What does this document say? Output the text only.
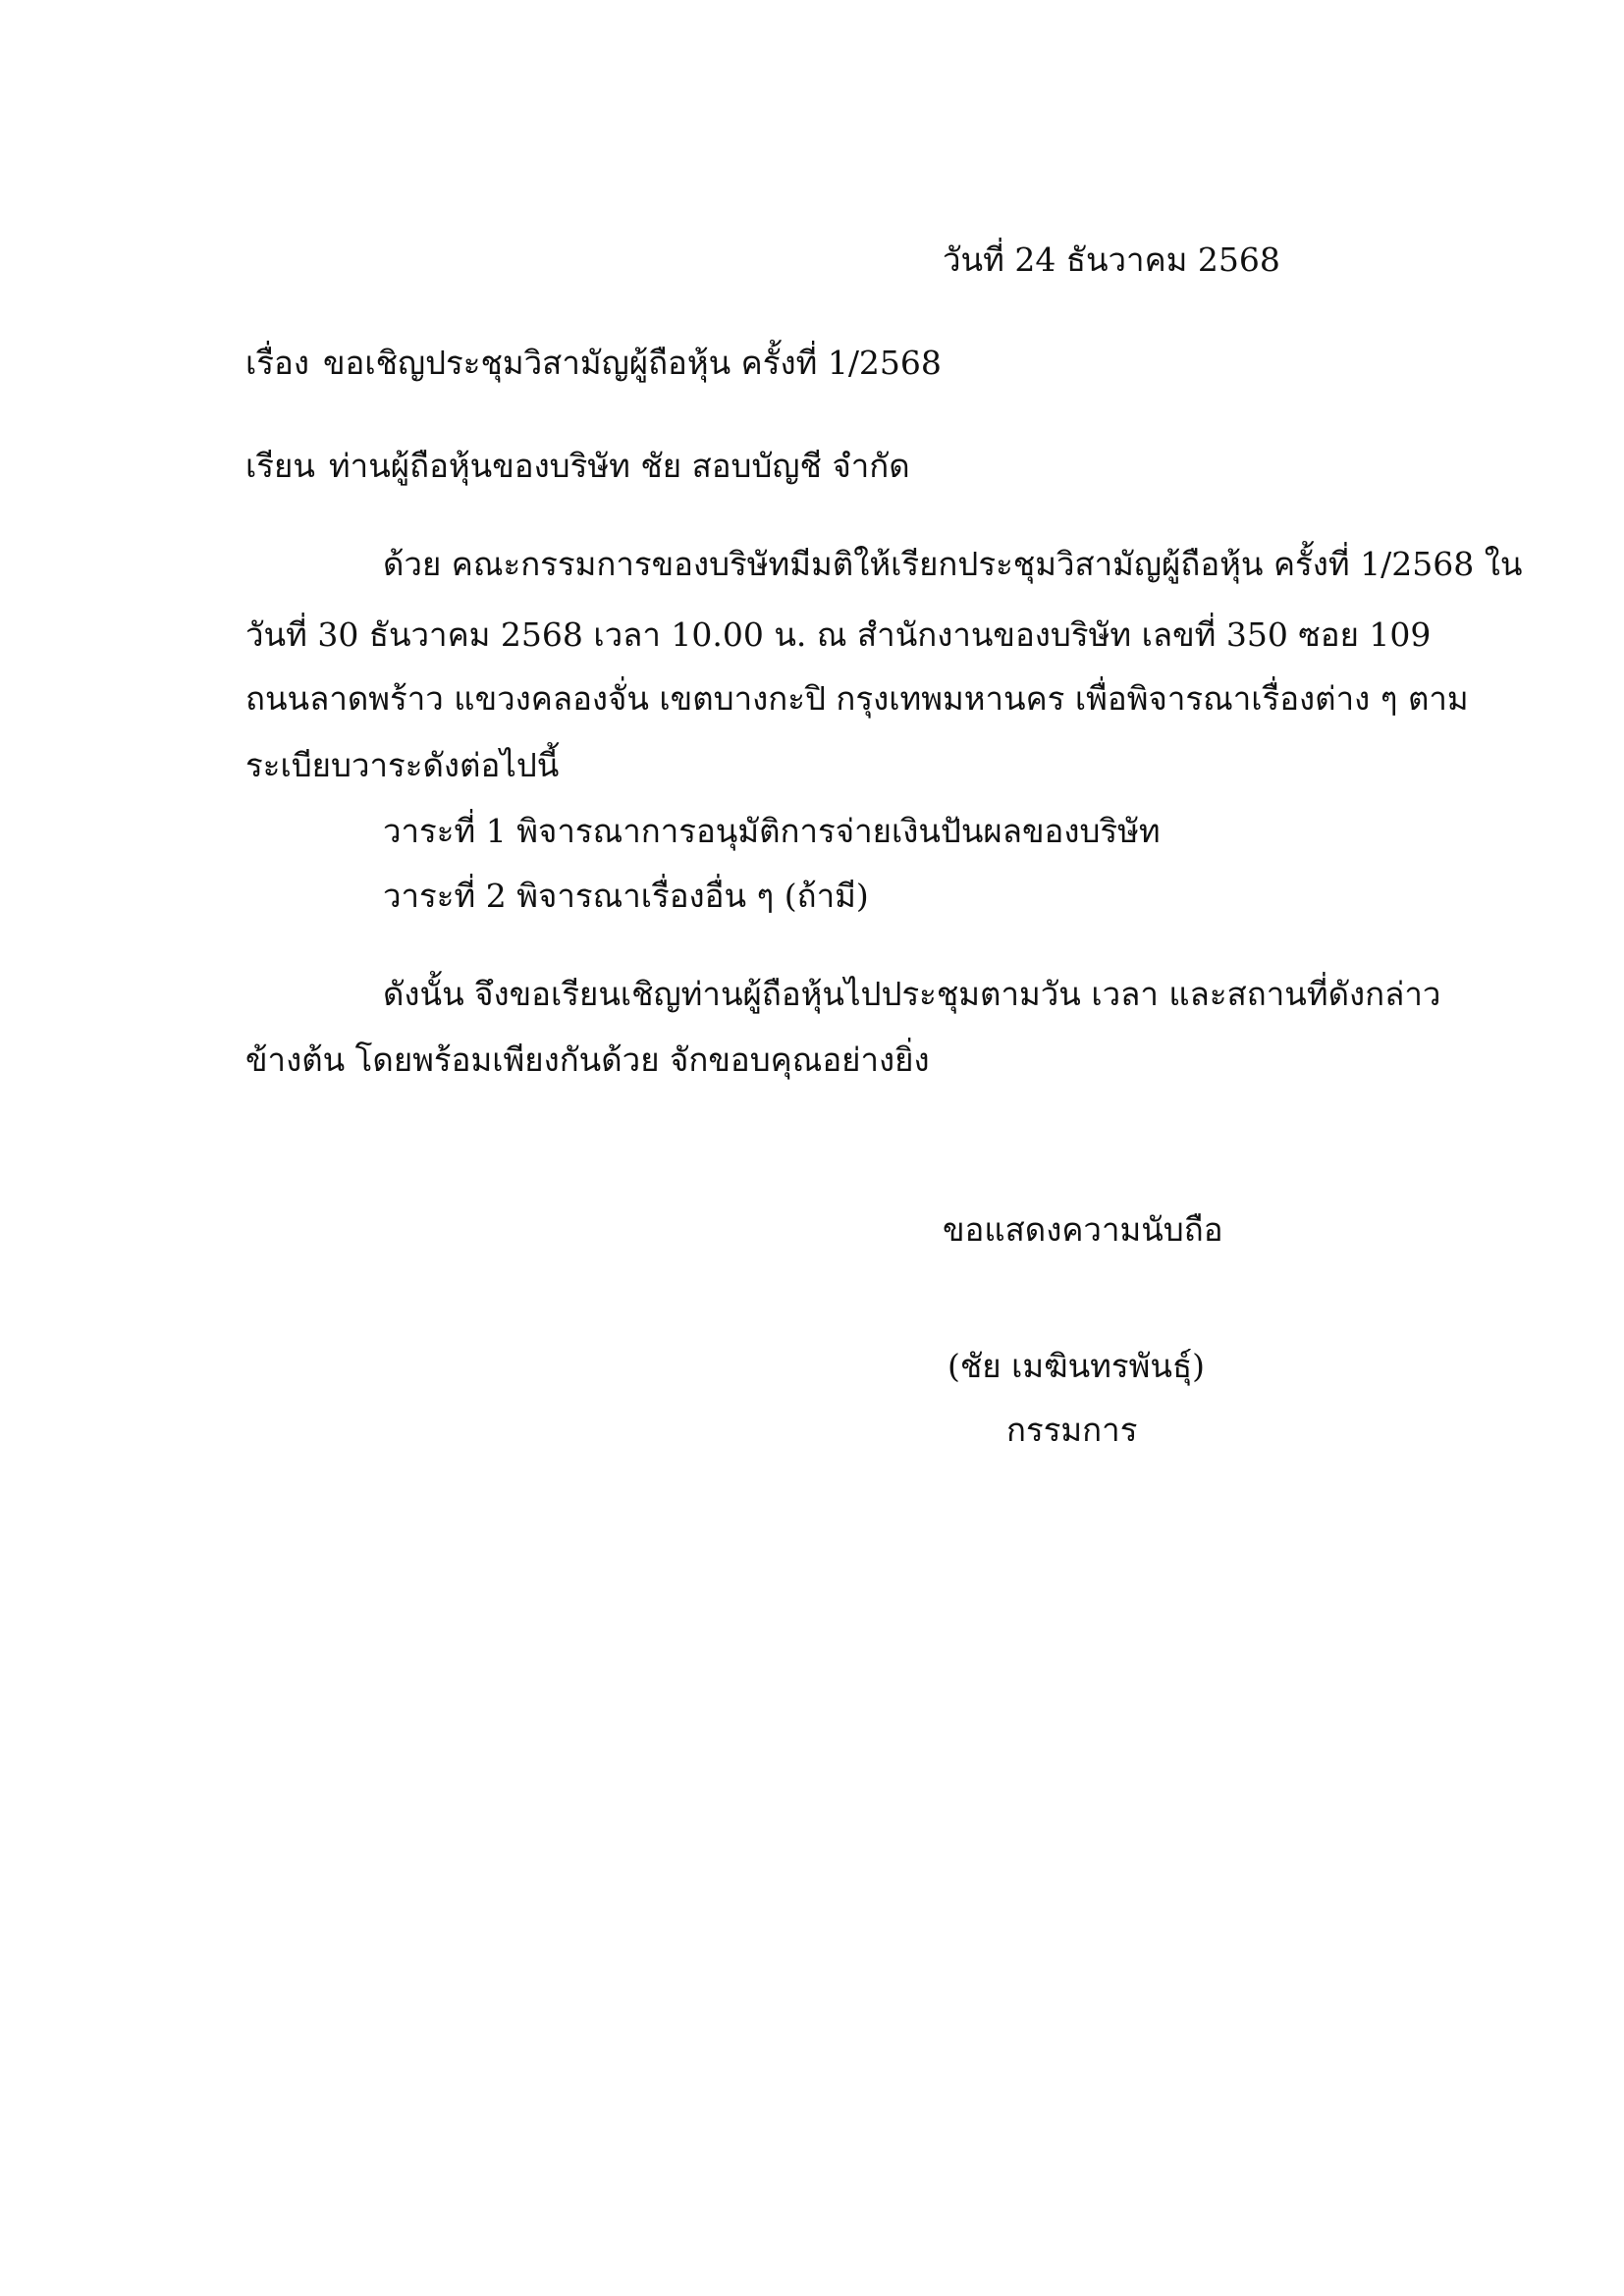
วันที่ 24 ธันวาคม 2568
เรื่อง ขอเชิญประชุมวิสามัญผู้ถือหุ้น ครั้งที่ 1/2568
เรียน ท่านผู้ถือหุ้นของบริษัท ชัย สอบบัญชี จำกัด
ด้วย คณะกรรมการของบริษัทมีมติให้เรียกประชุมวิสามัญผู้ถือหุ้น ครั้งที่ 1/2568 ใน
วันที่ 30 ธันวาคม 2568 เวลา 10.00 น. ณ สำนักงานของบริษัท เลขที่ 350 ซอย 109
ถนนลาดพร้าว แขวงคลองจั่น เขตบางกะปิ กรุงเทพมหานคร เพื่อพิจารณาเรื่องต่าง ๆ ตาม
ระเบียบวาระดังต่อไปนี้
วาระที่ 1 พิจารณาการอนุมัติการจ่ายเงินปันผลของบริษัท
วาระที่ 2 พิจารณาเรื่องอื่น ๆ (ถ้ามี)
ดังนั้น จึงขอเรียนเชิญท่านผู้ถือหุ้นไปประชุมตามวัน เวลา และสถานที่ดังกล่าว
ข้างต้น โดยพร้อมเพียงกันด้วย จักขอบคุณอย่างยิ่ง
ขอแสดงความนับถือ
(ชัย เมฆินทรพันธุ์)
กรรมการ
